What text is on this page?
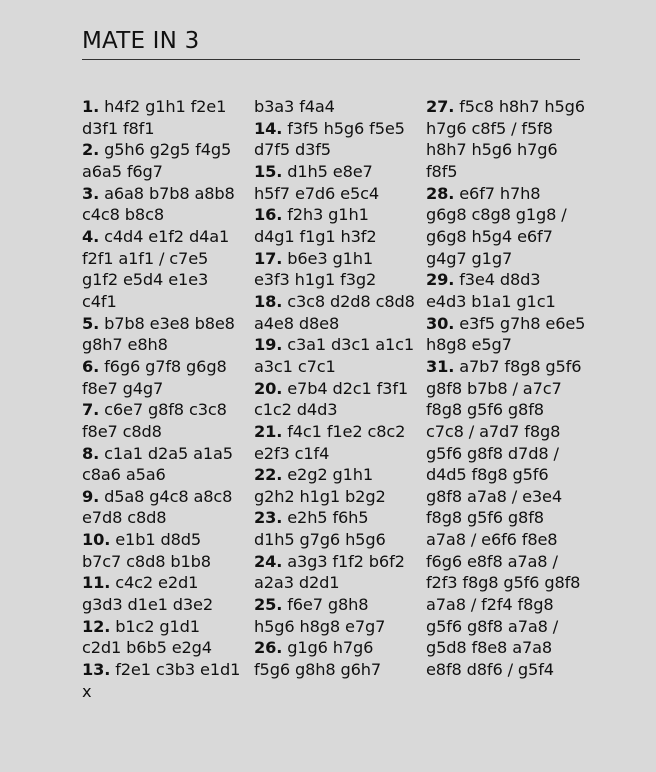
MATE IN 3
1. h4f2 g1h1 f2e1
d3f1 f8f1
2. g5h6 g2g5 f4g5
a6a5 f6g7
3. a6a8 b7b8 a8b8
c4c8 b8c8
4. c4d4 e1f2 d4a1
f2f1 a1f1 / c7e5
g1f2 e5d4 e1e3
c4f1
5. b7b8 e3e8 b8e8
g8h7 e8h8
6. f6g6 g7f8 g6g8
f8e7 g4g7
7. c6e7 g8f8 c3c8
f8e7 c8d8
8. c1a1 d2a5 a1a5
c8a6 a5a6
9. d5a8 g4c8 a8c8
e7d8 c8d8
10. e1b1 d8d5
b7c7 c8d8 b1b8
11. c4c2 e2d1
g3d3 d1e1 d3e2
12. b1c2 g1d1
c2d1 b6b5 e2g4
13. f2e1 c3b3 e1d1
x
b3a3 f4a4
14. f3f5 h5g6 f5e5
d7f5 d3f5
15. d1h5 e8e7
h5f7 e7d6 e5c4
16. f2h3 g1h1
d4g1 f1g1 h3f2
17. b6e3 g1h1
e3f3 h1g1 f3g2
18. c3c8 d2d8 c8d8
a4e8 d8e8
19. c3a1 d3c1 a1c1
a3c1 c7c1
20. e7b4 d2c1 f3f1
c1c2 d4d3
21. f4c1 f1e2 c8c2
e2f3 c1f4
22. e2g2 g1h1
g2h2 h1g1 b2g2
23. e2h5 f6h5
d1h5 g7g6 h5g6
24. a3g3 f1f2 b6f2
a2a3 d2d1
25. f6e7 g8h8
h5g6 h8g8 e7g7
26. g1g6 h7g6
f5g6 g8h8 g6h7
27. f5c8 h8h7 h5g6
h7g6 c8f5 / f5f8
h8h7 h5g6 h7g6
f8f5
28. e6f7 h7h8
g6g8 c8g8 g1g8 /
g6g8 h5g4 e6f7
g4g7 g1g7
29. f3e4 d8d3
e4d3 b1a1 g1c1
30. e3f5 g7h8 e6e5
h8g8 e5g7
31. a7b7 f8g8 g5f6
g8f8 b7b8 / a7c7
f8g8 g5f6 g8f8
c7c8 / a7d7 f8g8
g5f6 g8f8 d7d8 /
d4d5 f8g8 g5f6
g8f8 a7a8 / e3e4
f8g8 g5f6 g8f8
a7a8 / e6f6 f8e8
f6g6 e8f8 a7a8 /
f2f3 f8g8 g5f6 g8f8
a7a8 / f2f4 f8g8
g5f6 g8f8 a7a8 /
g5d8 f8e8 a7a8
e8f8 d8f6 / g5f4
